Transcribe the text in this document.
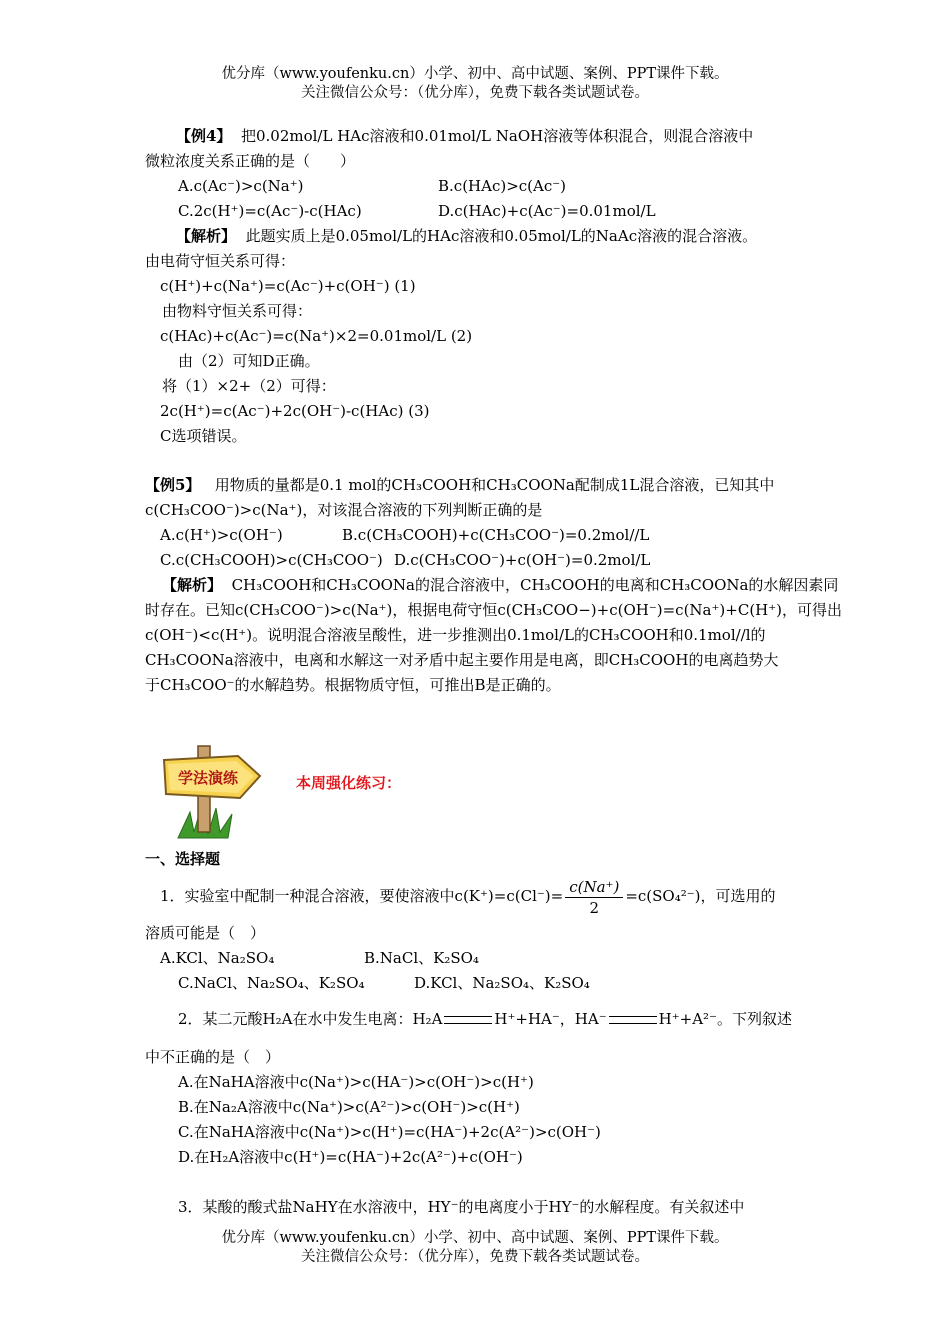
优分库（www.youfenku.cn）小学、初中、高中试题、案例、PPT课件下载。
关注微信公众号：（优分库），免费下载各类试题试卷。
【例4】 把0.02mol/L HAc溶液和0.01mol/L NaOH溶液等体积混合，则混合溶液中
微粒浓度关系正确的是（　　）
A.c(Ac⁻)>c(Na⁺)	B.c(HAc)>c(Ac⁻)
C.2c(H⁺)=c(Ac⁻)-c(HAc)	D.c(HAc)+c(Ac⁻)=0.01mol/L
【解析】 此题实质上是0.05mol/L的HAc溶液和0.05mol/L的NaAc溶液的混合溶液。
由电荷守恒关系可得：
c(H⁺)+c(Na⁺)=c(Ac⁻)+c(OH⁻) (1)
由物料守恒关系可得：
c(HAc)+c(Ac⁻)=c(Na⁺)×2=0.01mol/L (2)
由（2）可知D正确。
将（1）×2+（2）可得：
2c(H⁺)=c(Ac⁻)+2c(OH⁻)-c(HAc) (3)
C选项错误。
【例5】 用物质的量都是0.1 mol的CH₃COOH和CH₃COONa配制成1L混合溶液，已知其中
c(CH₃COO⁻)>c(Na⁺)，对该混合溶液的下列判断正确的是
A.c(H⁺)>c(OH⁻)	B.c(CH₃COOH)+c(CH₃COO⁻)=0.2mol//L
C.c(CH₃COOH)>c(CH₃COO⁻) D.c(CH₃COO⁻)+c(OH⁻)=0.2mol/L
【解析】 CH₃COOH和CH₃COONa的混合溶液中，CH₃COOH的电离和CH₃COONa的水解因素同
时存在。已知c(CH₃COO⁻)>c(Na⁺)，根据电荷守恒c(CH₃COO−)+c(OH⁻)=c(Na⁺)+C(H⁺)，可得出
c(OH⁻)<c(H⁺)。说明混合溶液呈酸性，进一步推测出0.1mol/L的CH₃COOH和0.1mol//l的
CH₃COONa溶液中，电离和水解这一对矛盾中起主要作用是电离，即CH₃COOH的电离趋势大
于CH₃COO⁻的水解趋势。根据物质守恒，可推出B是正确的。
学法演练	本周强化练习：
一、选择题
1．实验室中配制一种混合溶液，要使溶液中$c(K^+)=c(Cl^-)= \frac{c(Na^+)}{2} =c(SO_4^{2-})$，可选用的
溶质可能是（　）
A.KCl、Na₂SO₄	B.NaCl、K₂SO₄
C.NaCl、Na₂SO₄、K₂SO₄	D.KCl、Na₂SO₄、K₂SO₄
2．某二元酸H₂A在水中发生电离：H₂A	H⁺+HA⁻，HA⁻	H⁺+A²⁻。下列叙述
中不正确的是（　）
A.在NaHA溶液中c(Na⁺)>c(HA⁻)>c(OH⁻)>c(H⁺)
B.在Na₂A溶液中c(Na⁺)>c(A²⁻)>c(OH⁻)>c(H⁺)
C.在NaHA溶液中c(Na⁺)>c(H⁺)=c(HA⁻)+2c(A²⁻)>c(OH⁻)
D.在H₂A溶液中c(H⁺)=c(HA⁻)+2c(A²⁻)+c(OH⁻)
3．某酸的酸式盐NaHY在水溶液中，HY⁻的电离度小于HY⁻的水解程度。有关叙述中
优分库（www.youfenku.cn）小学、初中、高中试题、案例、PPT课件下载。
关注微信公众号：（优分库），免费下载各类试题试卷。
